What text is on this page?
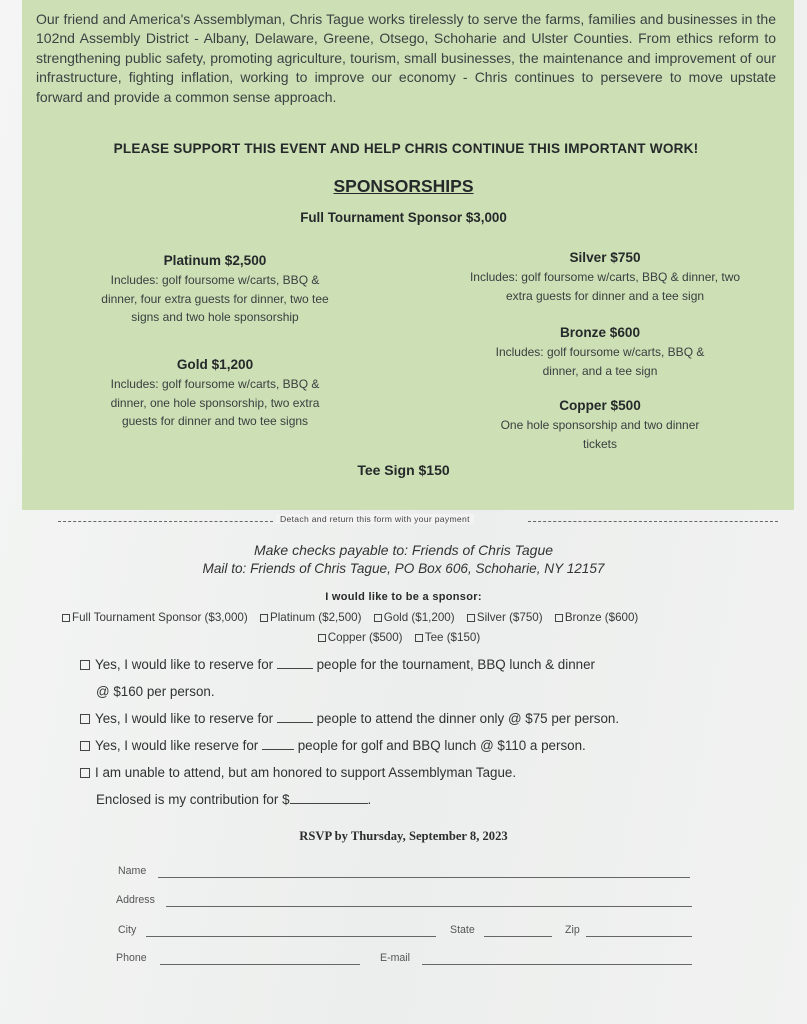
Our friend and America's Assemblyman, Chris Tague works tirelessly to serve the farms, families and businesses in the 102nd Assembly District - Albany, Delaware, Greene, Otsego, Schoharie and Ulster Counties. From ethics reform to strengthening public safety, promoting agriculture, tourism, small businesses, the maintenance and improvement of our infrastructure, fighting inflation, working to improve our economy - Chris continues to persevere to move upstate forward and provide a common sense approach.

PLEASE SUPPORT THIS EVENT AND HELP CHRIS CONTINUE THIS IMPORTANT WORK!

SPONSORSHIPS

Full Tournament Sponsor $3,000

Platinum $2,500
Includes: golf foursome w/carts, BBQ & dinner, four extra guests for dinner, two tee signs and two hole sponsorship
Gold $1,200
Includes: golf foursome w/carts, BBQ & dinner, one hole sponsorship, two extra guests for dinner and two tee signs
Silver $750
Includes: golf foursome w/carts, BBQ & dinner, two extra guests for dinner and a tee sign
Bronze $600
Includes: golf foursome w/carts, BBQ & dinner, and a tee sign
Copper $500
One hole sponsorship and two dinner tickets

Tee Sign $150

Detach and return this form with your payment

Make checks payable to: Friends of Chris Tague

Mail to: Friends of Chris Tague, PO Box 606, Schoharie, NY 12157

I would like to be a sponsor:

Full Tournament Sponsor ($3,000)
Platinum ($2,500)
Gold ($1,200)
Silver ($750)
Bronze ($600)
Copper ($500)
Tee ($150)
Yes, I would like to reserve for	people for the tournament, BBQ lunch & dinner
@ $160 per person.
Yes, I would like to reserve for	people to attend the dinner only @ $75 per person.
Yes, I would like reserve for	people for golf and BBQ lunch @ $110 a person.
I am unable to attend, but am honored to support Assemblyman Tague.
Enclosed is my contribution for $	.

RSVP by Thursday, September 8, 2023

Name
Address
City	State	Zip
Phone	E-mail
